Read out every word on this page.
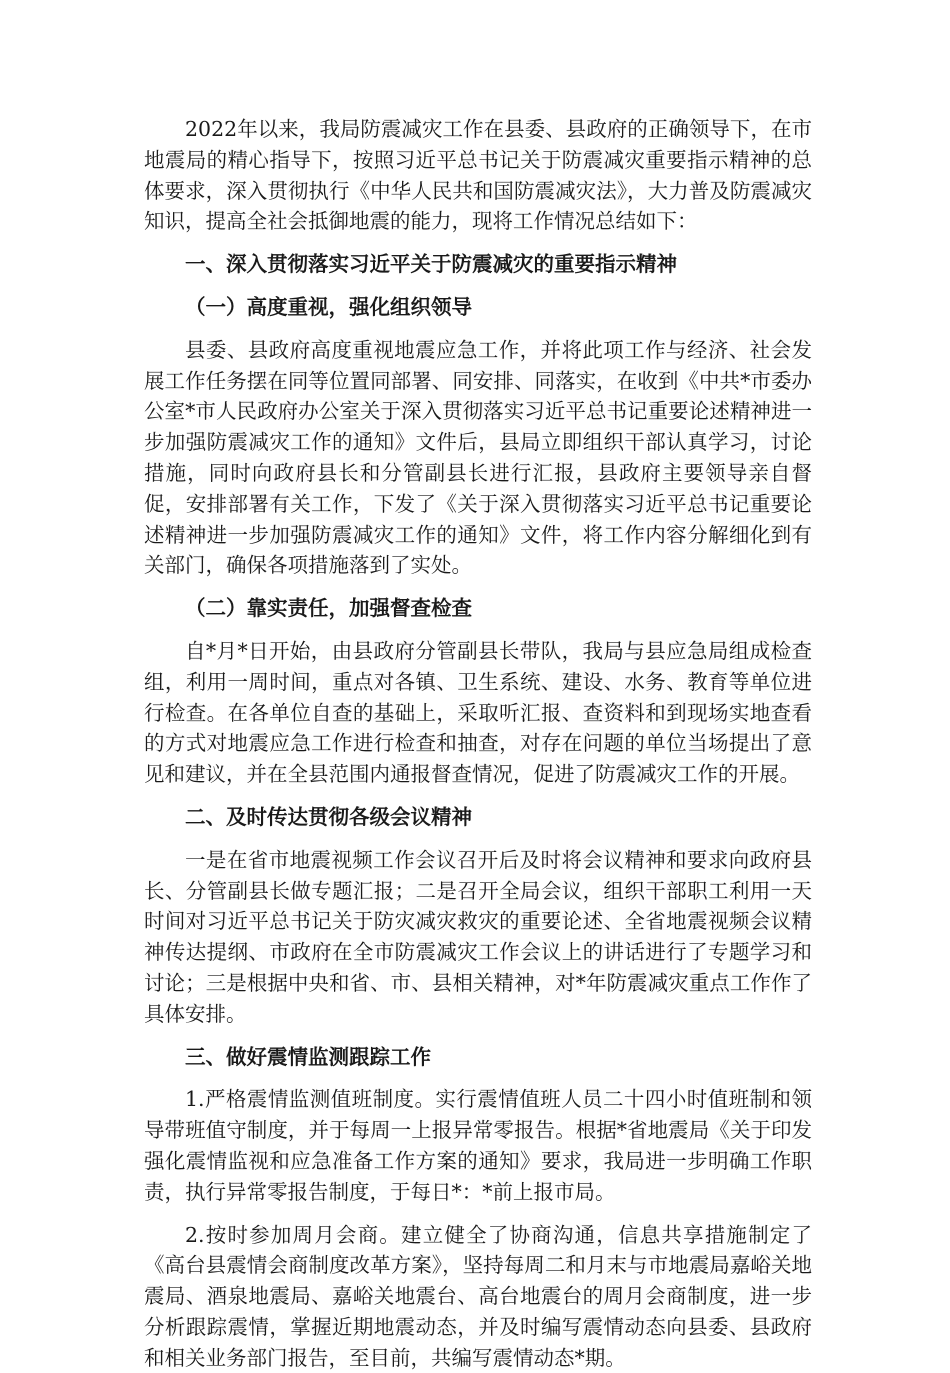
2022年以来，我局防震减灾工作在县委、县政府的正确领导下，在市地震局的精心指导下，按照习近平总书记关于防震减灾重要指示精神的总体要求，深入贯彻执行《中华人民共和国防震减灾法》，大力普及防震减灾知识，提高全社会抵御地震的能力，现将工作情况总结如下：

一、深入贯彻落实习近平关于防震减灾的重要指示精神

（一）高度重视，强化组织领导

县委、县政府高度重视地震应急工作，并将此项工作与经济、社会发展工作任务摆在同等位置同部署、同安排、同落实，在收到《中共*市委办公室*市人民政府办公室关于深入贯彻落实习近平总书记重要论述精神进一步加强防震减灾工作的通知》文件后，县局立即组织干部认真学习，讨论措施，同时向政府县长和分管副县长进行汇报，县政府主要领导亲自督促，安排部署有关工作，下发了《关于深入贯彻落实习近平总书记重要论述精神进一步加强防震减灾工作的通知》文件，将工作内容分解细化到有关部门，确保各项措施落到了实处。

（二）靠实责任，加强督查检查

自*月*日开始，由县政府分管副县长带队，我局与县应急局组成检查组，利用一周时间，重点对各镇、卫生系统、建设、水务、教育等单位进行检查。在各单位自查的基础上，采取听汇报、查资料和到现场实地查看的方式对地震应急工作进行检查和抽查，对存在问题的单位当场提出了意见和建议，并在全县范围内通报督查情况，促进了防震减灾工作的开展。

二、及时传达贯彻各级会议精神

一是在省市地震视频工作会议召开后及时将会议精神和要求向政府县长、分管副县长做专题汇报；二是召开全局会议，组织干部职工利用一天时间对习近平总书记关于防灾减灾救灾的重要论述、全省地震视频会议精神传达提纲、市政府在全市防震减灾工作会议上的讲话进行了专题学习和讨论；三是根据中央和省、市、县相关精神，对*年防震减灾重点工作作了具体安排。

三、做好震情监测跟踪工作

1.严格震情监测值班制度。实行震情值班人员二十四小时值班制和领导带班值守制度，并于每周一上报异常零报告。根据*省地震局《关于印发强化震情监视和应急准备工作方案的通知》要求，我局进一步明确工作职责，执行异常零报告制度，于每日*：*前上报市局。

2.按时参加周月会商。建立健全了协商沟通，信息共享措施制定了《高台县震情会商制度改革方案》，坚持每周二和月末与市地震局嘉峪关地震局、酒泉地震局、嘉峪关地震台、高台地震台的周月会商制度，进一步分析跟踪震情，掌握近期地震动态，并及时编写震情动态向县委、县政府和相关业务部门报告，至目前，共编写震情动态*期。
